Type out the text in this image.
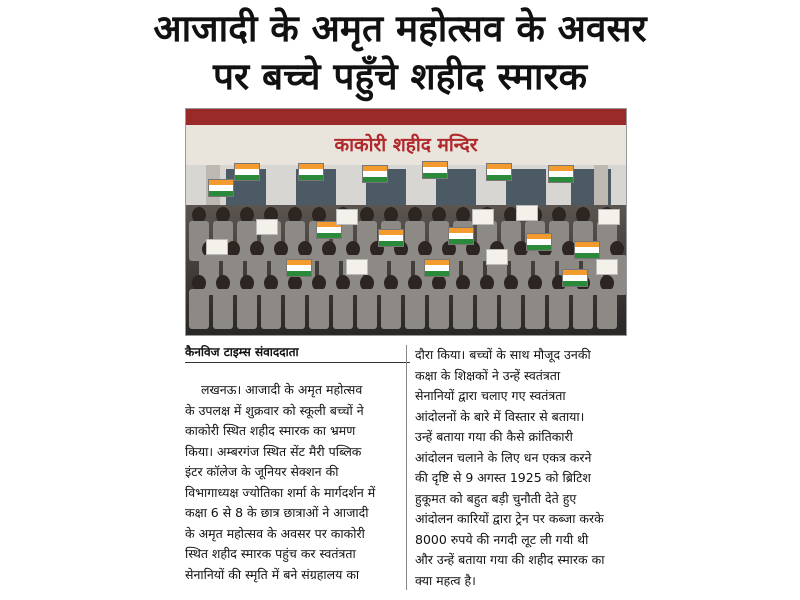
आजादी के अमृत महोत्सव के अवसर
पर बच्चे पहुँचे शहीद स्मारक
काकोरी शहीद मन्दिर
कैनविज टाइम्स संवाददाता
लखनऊ। आजादी के अमृत महोत्सव
के उपलक्ष में शुक्रवार को स्कूली बच्चों ने
काकोरी स्थित शहीद स्मारक का भ्रमण
किया। अम्बरगंज स्थित सेंट मैरी पब्लिक
इंटर कॉलेज के जूनियर सेक्शन की
विभागाध्यक्ष ज्योतिका शर्मा के मार्गदर्शन में
कक्षा 6 से 8 के छात्र छात्राओं ने आजादी
के अमृत महोत्सव के अवसर पर काकोरी
स्थित शहीद स्मारक पहुंच कर स्वतंत्रता
सेनानियों की स्मृति में बने संग्रहालय का
दौरा किया। बच्चों के साथ मौजूद उनकी
कक्षा के शिक्षकों ने उन्हें स्वतंत्रता
सेनानियों द्वारा चलाए गए स्वतंत्रता
आंदोलनों के बारे में विस्तार से बताया।
उन्हें बताया गया की कैसे क्रांतिकारी
आंदोलन चलाने के लिए धन एकत्र करने
की दृष्टि से 9 अगस्त 1925 को ब्रिटिश
हुकूमत को बहुत बड़ी चुनौती देते हुए
आंदोलन कारियों द्वारा ट्रेन पर कब्जा करके
8000 रुपये की नगदी लूट ली गयी थी
और उन्हें बताया गया की शहीद स्मारक का
क्या महत्व है।
